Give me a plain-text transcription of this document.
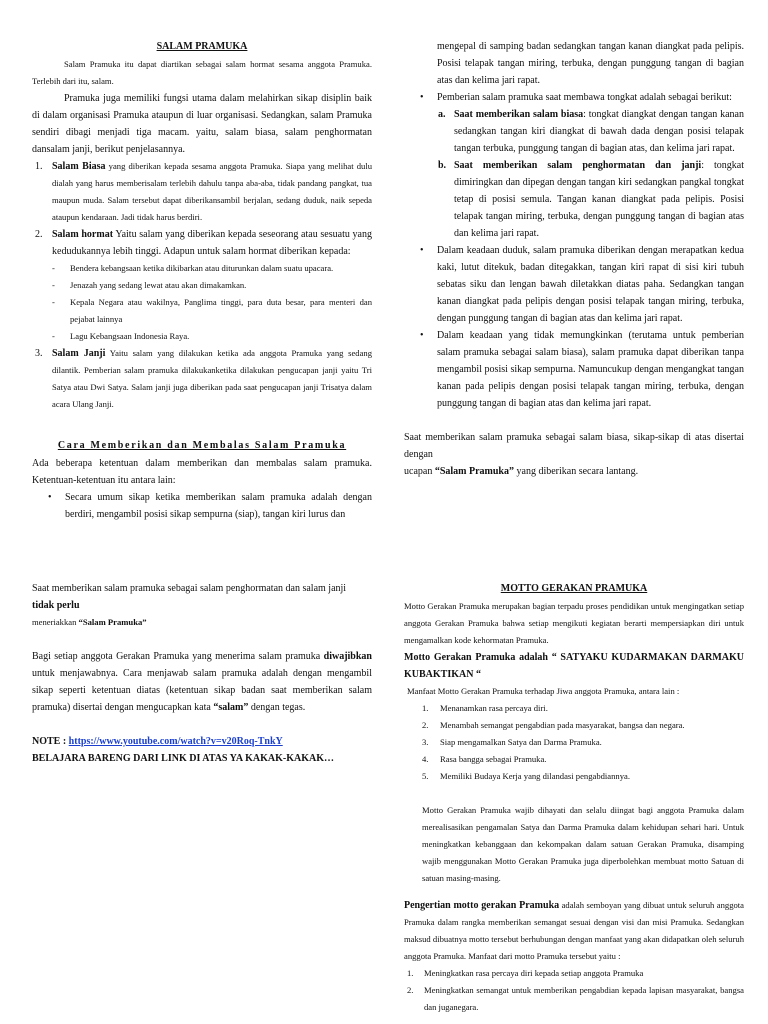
SALAM PRAMUKA

Salam Pramuka itu dapat diartikan sebagai salam hormat sesama anggota Pramuka. Terlebih dari itu, salam.

Pramuka juga memiliki fungsi utama dalam melahirkan sikap disiplin baik di dalam organisasi Pramuka ataupun di luar organisasi. Sedangkan, salam Pramuka sendiri dibagi menjadi tiga macam. yaitu, salam biasa, salam penghormatan dansalam janji, berikut penjelasannya.

1. Salam Biasa yang diberikan kepada sesama anggota Pramuka. Siapa yang melihat dulu dialah yang harus memberisalam terlebih dahulu tanpa aba-aba, tidak pandang pangkat, tua maupun muda. Salam tersebut dapat diberikansambil berjalan, sedang duduk, naik sepeda ataupun kendaraan. Jadi tidak harus berdiri.
2. Salam hormat Yaitu salam yang diberikan kepada seseorang atau sesuatu yang kedudukannya lebih tinggi. Adapun untuk salam hormat diberikan kepada:
- Bendera kebangsaan ketika dikibarkan atau diturunkan dalam suatu upacara.
- Jenazah yang sedang lewat atau akan dimakamkan.
- Kepala Negara atau wakilnya, Panglima tinggi, para duta besar, para menteri dan pejabat lainnya
- Lagu Kebangsaan Indonesia Raya.
3. Salam Janji Yaitu salam yang dilakukan ketika ada anggota Pramuka yang sedang dilantik. Pemberian salam pramuka dilakukanketika dilakukan pengucapan janji yaitu Tri Satya atau Dwi Satya. Salam janji juga diberikan pada saat pengucapan janji Trisatya dalam acara Ulang Janji.

Cara Memberikan dan Membalas Salam Pramuka

Ada beberapa ketentuan dalam memberikan dan membalas salam pramuka. Ketentuan-ketentuan itu antara lain:

• Secara umum sikap ketika memberikan salam pramuka adalah dengan berdiri, mengambil posisi sikap sempurna (siap), tangan kiri lurus dan

mengepal di samping badan sedangkan tangan kanan diangkat pada pelipis. Posisi telapak tangan miring, terbuka, dengan punggung tangan di bagian atas dan kelima jari rapat.

• Pemberian salam pramuka saat membawa tongkat adalah sebagai berikut:
a. Saat memberikan salam biasa: tongkat diangkat dengan tangan kanan sedangkan tangan kiri diangkat di bawah dada dengan posisi telapak tangan terbuka, punggung tangan di bagian atas, dan kelima jari rapat.
b. Saat memberikan salam penghormatan dan janji: tongkat dimiringkan dan dipegan dengan tangan kiri sedangkan pangkal tongkat tetap di posisi semula. Tangan kanan diangkat pada pelipis. Posisi telapak tangan miring, terbuka, dengan punggung tangan di bagian atas dan kelima jari rapat.
• Dalam keadaan duduk, salam pramuka diberikan dengan merapatkan kedua kaki, lutut ditekuk, badan ditegakkan, tangan kiri rapat di sisi kiri tubuh sebatas siku dan lengan bawah diletakkan diatas paha. Sedangkan tangan kanan diangkat pada pelipis dengan posisi telapak tangan miring, terbuka, dengan punggung tangan di bagian atas dan kelima jari rapat.
• Dalam keadaan yang tidak memungkinkan (terutama untuk pemberian salam pramuka sebagai salam biasa), salam pramuka dapat diberikan tanpa mengambil posisi sikap sempurna. Namuncukup dengan mengangkat tangan kanan pada pelipis dengan posisi telapak tangan miring, terbuka, dengan punggung tangan di bagian atas dan kelima jari rapat.

Saat memberikan salam pramuka sebagai salam biasa, sikap-sikap di atas disertai dengan

ucapan “Salam Pramuka” yang diberikan secara lantang.

Saat memberikan salam pramuka sebagai salam penghormatan dan salam janji

tidak perlu

meneriakkan “Salam Pramuka”

Bagi setiap anggota Gerakan Pramuka yang menerima salam pramuka diwajibkan untuk menjawabnya. Cara menjawab salam pramuka adalah dengan mengambil sikap seperti ketentuan diatas (ketentuan sikap badan saat memberikan salam pramuka) disertai dengan mengucapkan kata “salam” dengan tegas.

NOTE : https://www.youtube.com/watch?v=v20Roq-TnkY

BELAJARA BARENG DARI LINK DI ATAS YA KAKAK-KAKAK…

MOTTO GERAKAN PRAMUKA

Motto Gerakan Pramuka merupakan bagian terpadu proses pendidikan untuk mengingatkan setiap anggota Gerakan Pramuka bahwa setiap mengikuti kegiatan berarti mempersiapkan diri untuk mengamalkan kode kehormatan Pramuka.

Motto Gerakan Pramuka adalah “ SATYAKU KUDARMAKAN DARMAKU KUBAKTIKAN “

Manfaat Motto Gerakan Pramuka terhadap Jiwa anggota Pramuka, antara lain :

1. Menanamkan rasa percaya diri.
2. Menambah semangat pengabdian pada masyarakat, bangsa dan negara.
3. Siap mengamalkan Satya dan Darma Pramuka.
4. Rasa bangga sebagai Pramuka.
5. Memiliki Budaya Kerja yang dilandasi pengabdiannya.

Motto Gerakan Pramuka wajib dihayati dan selalu diingat bagi anggota Pramuka dalam merealisasikan pengamalan Satya dan Darma Pramuka dalam kehidupan sehari hari. Untuk meningkatkan kebanggaan dan kekompakan dalam satuan Gerakan Pramuka, disamping wajib menggunakan Motto Gerakan Pramuka juga diperbolehkan membuat motto Satuan di satuan masing-masing.

Pengertian motto gerakan Pramuka adalah semboyan yang dibuat untuk seluruh anggota Pramuka dalam rangka memberikan semangat sesuai dengan visi dan misi Pramuka. Sedangkan maksud dibuatnya motto tersebut berhubungan dengan manfaat yang akan didapatkan oleh seluruh anggota Pramuka. Manfaat dari motto Pramuka tersebut yaitu :

1. Meningkatkan rasa percaya diri kepada setiap anggota Pramuka
2. Meningkatkan semangat untuk memberikan pengabdian kepada lapisan masyarakat, bangsa dan juganegara.
